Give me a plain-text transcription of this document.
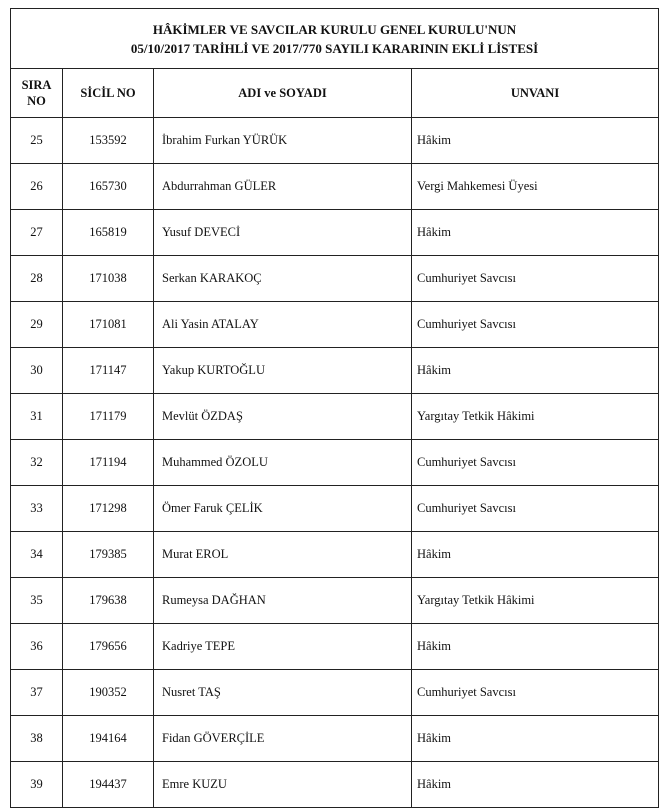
HÂKİMLER VE SAVCILAR KURULU GENEL KURULU'NUN
05/10/2017 TARİHLİ VE 2017/770 SAYILI KARARININ EKLİ LİSTESİ			

SIRA
NO	SİCİL NO	ADI ve SOYADI	UNVANI
25	153592	İbrahim Furkan YÜRÜK	Hâkim
26	165730	Abdurrahman GÜLER	Vergi Mahkemesi Üyesi
27	165819	Yusuf DEVECİ	Hâkim
28	171038	Serkan KARAKOÇ	Cumhuriyet Savcısı
29	171081	Ali Yasin ATALAY	Cumhuriyet Savcısı
30	171147	Yakup KURTOĞLU	Hâkim
31	171179	Mevlüt ÖZDAŞ	Yargıtay Tetkik Hâkimi
32	171194	Muhammed ÖZOLU	Cumhuriyet Savcısı
33	171298	Ömer Faruk ÇELİK	Cumhuriyet Savcısı
34	179385	Murat EROL	Hâkim
35	179638	Rumeysa DAĞHAN	Yargıtay Tetkik Hâkimi
36	179656	Kadriye TEPE	Hâkim
37	190352	Nusret TAŞ	Cumhuriyet Savcısı
38	194164	Fidan GÖVERÇİLE	Hâkim
39	194437	Emre KUZU	Hâkim
